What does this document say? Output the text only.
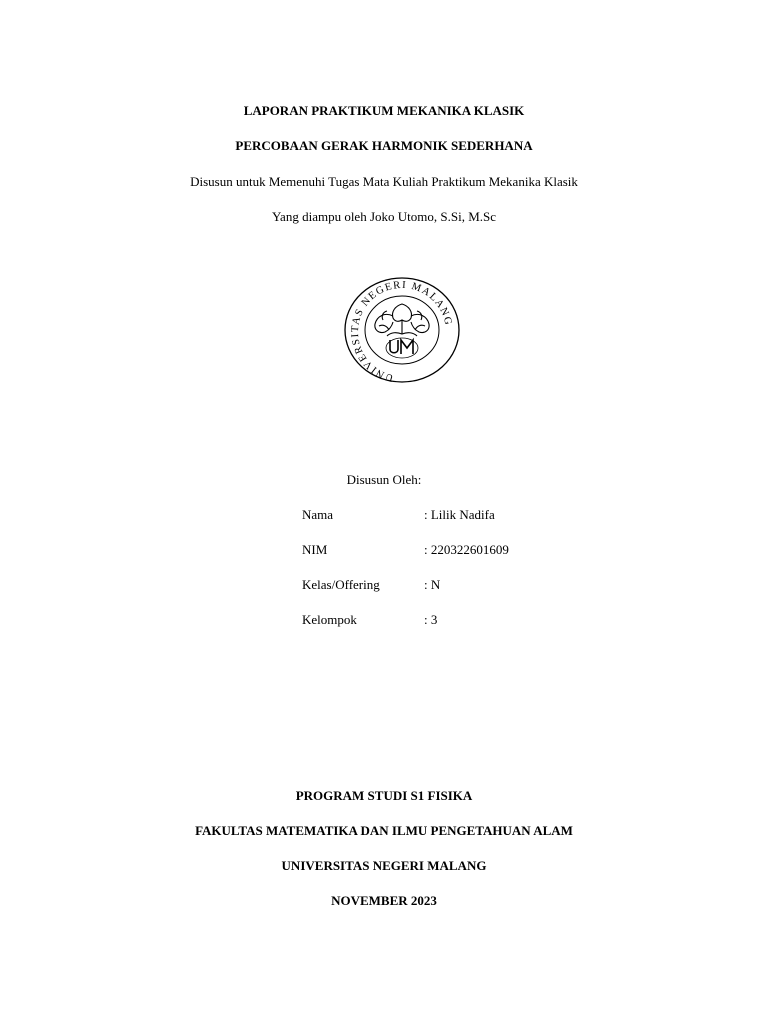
LAPORAN PRAKTIKUM MEKANIKA KLASIK
PERCOBAAN GERAK HARMONIK SEDERHANA
Disusun untuk Memenuhi Tugas Mata Kuliah Praktikum Mekanika Klasik
Yang diampu oleh Joko Utomo, S.Si, M.Sc
UNIVERSITAS NEGERI MALANG
Disusun Oleh:
Nama	: Lilik Nadifa
NIM	: 220322601609
Kelas/Offering	: N
Kelompok	: 3
PROGRAM STUDI S1 FISIKA
FAKULTAS MATEMATIKA DAN ILMU PENGETAHUAN ALAM
UNIVERSITAS NEGERI MALANG
NOVEMBER 2023
